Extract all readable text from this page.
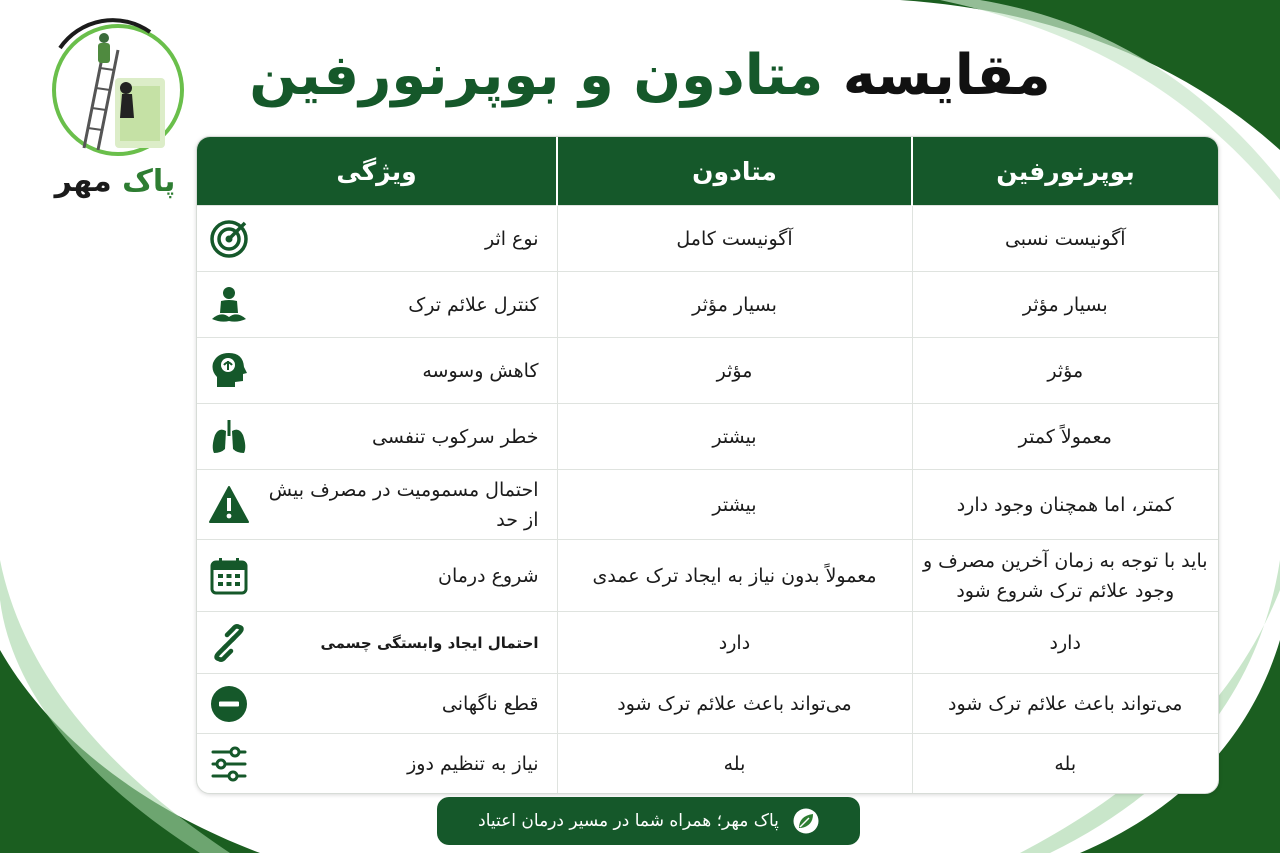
پاک مهر
مقایسه متادون و بوپرنورفین
بوپرنورفین	متادون	ویژگی
آگونیست نسبی	آگونیست کامل	نوع اثر

بسیار مؤثر	بسیار مؤثر	کنترل علائم ترک

مؤثر	مؤثر	کاهش وسوسه

معمولاً کمتر	بیشتر	خطر سرکوب تنفسی

کمتر، اما همچنان وجود دارد	بیشتر	احتمال مسمومیت در مصرف بیش از حد

باید با توجه به زمان آخرین مصرف و وجود علائم ترک شروع شود	معمولاً بدون نیاز به ایجاد ترک عمدی	شروع درمان

دارد	دارد	احتمال ایجاد وابستگی چسمی

می‌تواند باعث علائم ترک شود	می‌تواند باعث علائم ترک شود	قطع ناگهانی

بله	بله	نیاز به تنظیم دوز
پاک مهر؛ همراه شما در مسیر درمان اعتیاد
